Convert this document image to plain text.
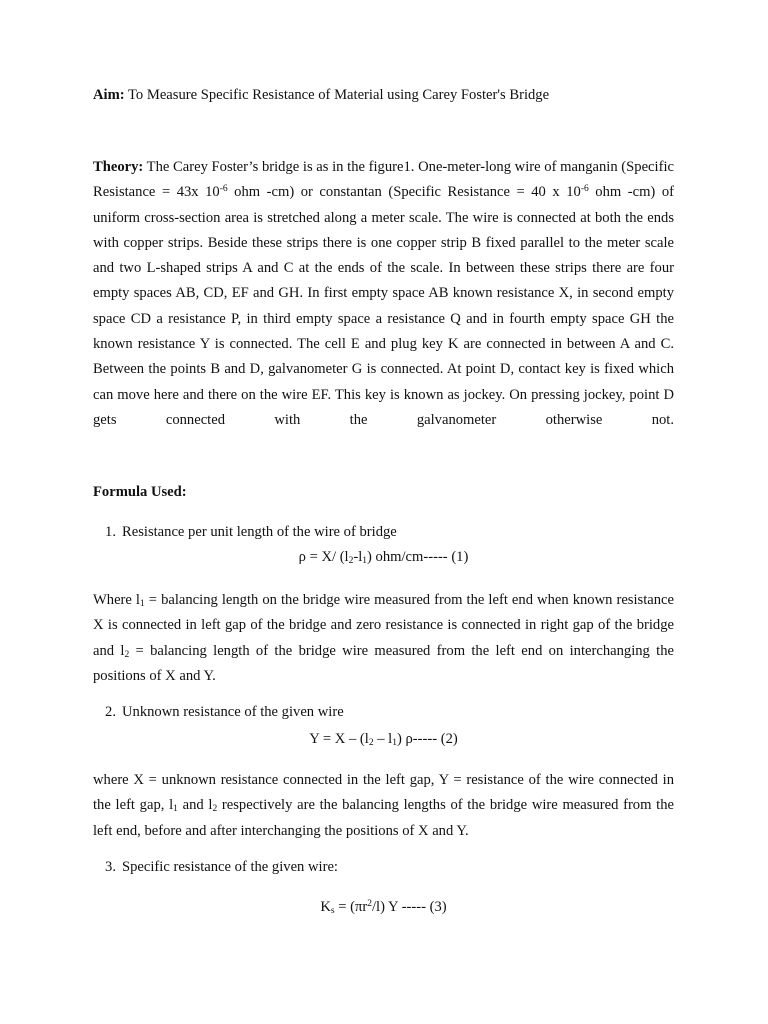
Aim: To Measure Specific Resistance of Material using Carey Foster's Bridge

Theory: The Carey Foster’s bridge is as in the figure1. One-meter-long wire of manganin (Specific Resistance = 43x $10^{-6}$ ohm -cm) or constantan (Specific Resistance = 40 x $10^{-6}$ ohm -cm) of uniform cross-section area is stretched along a meter scale. The wire is connected at both the ends with copper strips. Beside these strips there is one copper strip B fixed parallel to the meter scale and two L-shaped strips A and C at the ends of the scale. In between these strips there are four empty spaces AB, CD, EF and GH. In first empty space AB known resistance X, in second empty space CD a resistance P, in third empty space a resistance Q and in fourth empty space GH the known resistance Y is connected. The cell E and plug key K are connected in between A and C. Between the points B and D, galvanometer G is connected. At point D, contact key is fixed which can move here and there on the wire EF. This key is known as jockey. On pressing jockey, point D gets connected with the galvanometer otherwise not.

Formula Used:

1. Resistance per unit length of the wire of bridge

ρ = X/ $(l_2-l_1)$ ohm/cm----- (1)

Where $l_1$ = balancing length on the bridge wire measured from the left end when known resistance X is connected in left gap of the bridge and zero resistance is connected in right gap of the bridge and $l_2$ = balancing length of the bridge wire measured from the left end on interchanging the positions of X and Y.

2. Unknown resistance of the given wire

$Y = X - (l_2 - l_1)$ ρ----- (2)

where X = unknown resistance connected in the left gap, Y = resistance of the wire connected in the left gap, $l_1$ and $l_2$ respectively are the balancing lengths of the bridge wire measured from the left end, before and after interchanging the positions of X and Y.

3. Specific resistance of the given wire:

$K_s = (\pi r^2/l)$ Y ----- (3)
